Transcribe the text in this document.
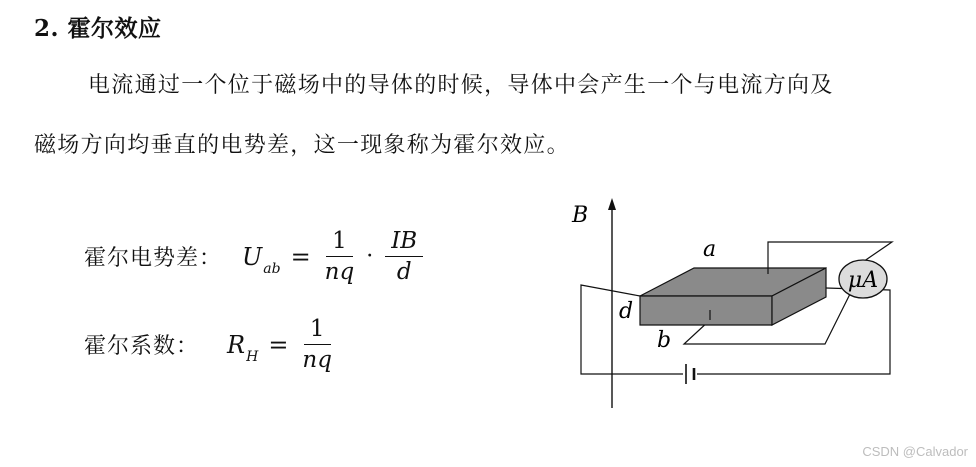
2. 霍尔效应
电流通过一个位于磁场中的导体的时候，导体中会产生一个与电流方向及
磁场方向均垂直的电势差，这一现象称为霍尔效应。
霍尔电势差： $U_{ab} = \frac{1}{nq} \cdot \frac{IB}{d}$
霍尔系数： $R_H = \frac{1}{nq}$
B
μA
a
d
b
CSDN @Calvador
